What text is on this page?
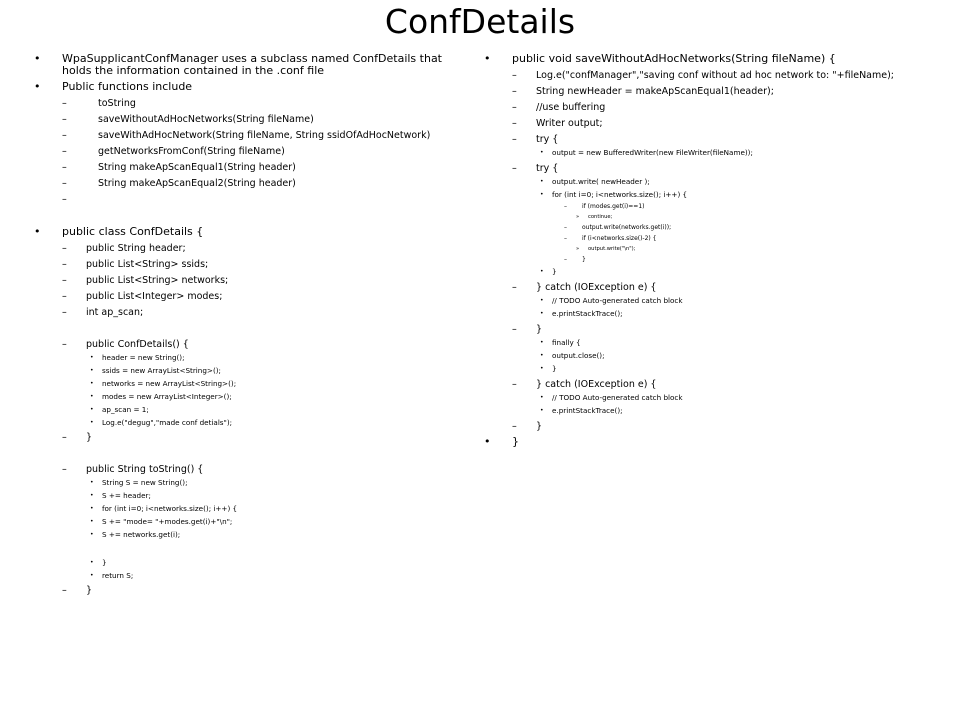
ConfDetails
• WpaSupplicantConfManager uses a subclass named ConfDetails that holds the information contained in the .conf file
• Public functions include
–	toString
–	saveWithoutAdHocNetworks(String fileName)
–	saveWithAdHocNetwork(String fileName, String ssidOfAdHocNetwork)
–	getNetworksFromConf(String fileName)
–	String makeApScanEqual1(String header)
–	String makeApScanEqual2(String header)
–
• public class ConfDetails {
– public String header;
– public List<String> ssids;
– public List<String> networks;
– public List<Integer> modes;
– int ap_scan;
– public ConfDetails() {
• header = new String();
• ssids = new ArrayList<String>();
• networks = new ArrayList<String>();
• modes = new ArrayList<Integer>();
• ap_scan = 1;
• Log.e("degug","made conf detials");
– }
– public String toString() {
• String S = new String();
• S += header;
• for (int i=0; i<networks.size(); i++) {
• S += "mode= "+modes.get(i)+"\n";
• S += networks.get(i);
• }
• return S;
– }
• public void saveWithoutAdHocNetworks(String fileName) {
– Log.e("confManager","saving conf without ad hoc network to: "+fileName);
– String newHeader = makeApScanEqual1(header);
– //use buffering
– Writer output;
– try {
• output = new BufferedWriter(new FileWriter(fileName));
– try {
• output.write( newHeader );
• for (int i=0; i<networks.size(); i++) {
–	if (modes.get(i)==1)
» continue;
–	output.write(networks.get(i));
–	if (i<networks.size()-2) {
» output.write("\n");
–	}
• }
– } catch (IOException e) {
• // TODO Auto-generated catch block
• e.printStackTrace();
– }
• finally {
• output.close();
• }
– } catch (IOException e) {
• // TODO Auto-generated catch block
• e.printStackTrace();
– }
• }
